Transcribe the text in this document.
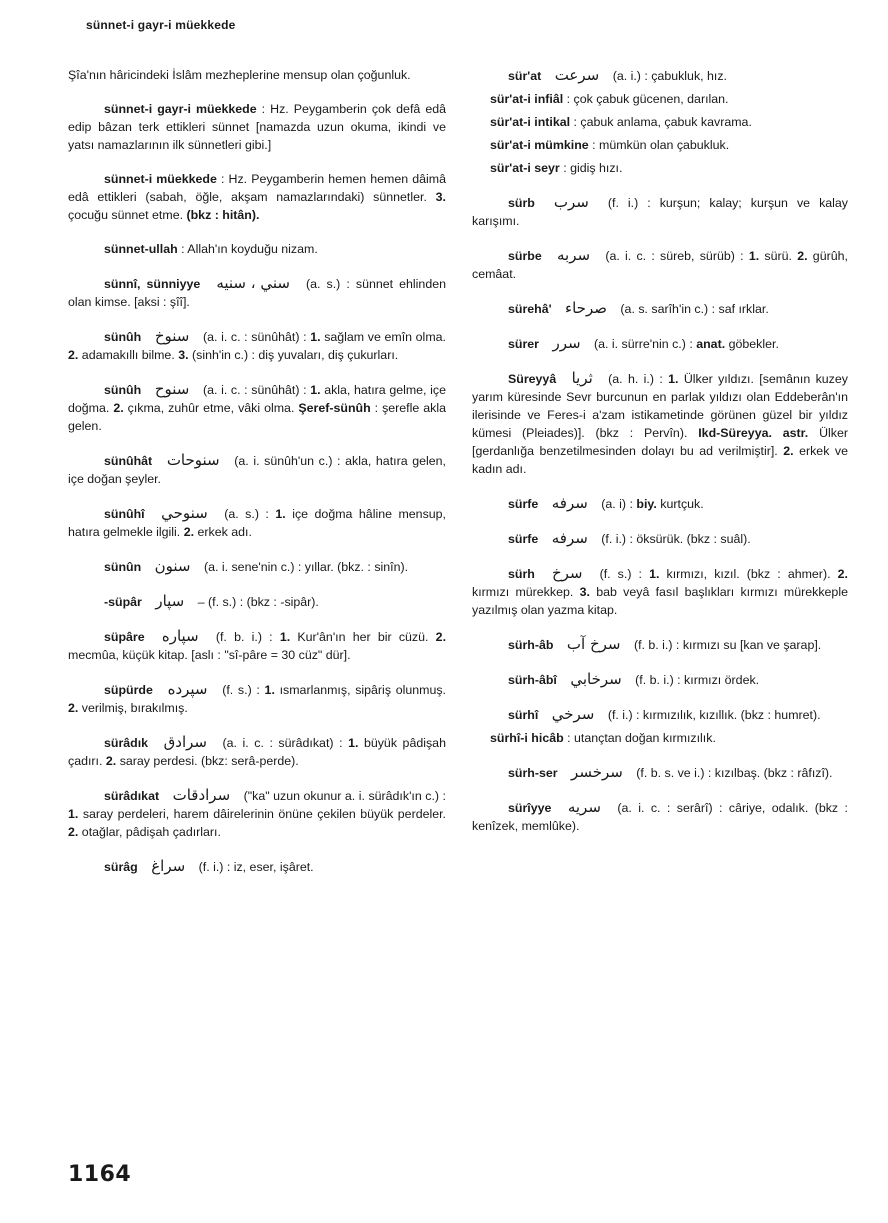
sünnet-i gayr-i müekkede
Şîa'nın hâricindeki İslâm mezheplerine mensup olan çoğunluk.
sünnet-i gayr-i müekkede : Hz. Peygamberin çok defâ edâ edip bâzan terk ettikleri sünnet [namazda uzun okuma, ikindi ve yatsı namazlarının ilk sünnetleri gibi.]
sünnet-i müekkede : Hz. Peygamberin hemen hemen dâimâ edâ ettikleri (sabah, öğle, akşam namazlarındaki) sünnetler. 3. çocuğu sünnet etme. (bkz : hitân).
sünnet-ullah : Allah'ın koyduğu nizam.
sünnî, sünniyye سني ، سنيه (a. s.) : sünnet ehlinden olan kimse. [aksi : şîî].
sünûh سنوخ (a. i. c. : sünûhât) : 1. sağlam ve emîn olma. 2. adamakıllı bilme. 3. (sinh'in c.) : diş yuvaları, diş çukurları.
sünûh سنوح (a. i. c. : sünûhât) : 1. akla, hatıra gelme, içe doğma. 2. çıkma, zuhûr etme, vâki olma. Şeref-sünûh : şerefle akla gelen.
sünûhât سنوحات (a. i. sünûh'un c.) : akla, hatıra gelen, içe doğan şeyler.
sünûhî سنوحي (a. s.) : 1. içe doğma hâline mensup, hatıra gelmekle ilgili. 2. erkek adı.
sünûn سنون (a. i. sene'nin c.) : yıllar. (bkz. : sinîn).
-süpâr سپار – (f. s.) : (bkz : -sipâr).
süpâre سپاره (f. b. i.) : 1. Kur'ân'ın her bir cüzü. 2. mecmûa, küçük kitap. [aslı : "sî-pâre = 30 cüz" dür].
süpürde سپرده (f. s.) : 1. ısmarlanmış, sipâriş olunmuş. 2. verilmiş, bırakılmış.
sürâdık سرادق (a. i. c. : sürâdıkat) : 1. büyük pâdişah çadırı. 2. saray perdesi. (bkz: serâ-perde).
sürâdıkat سرادقات ("ka" uzun okunur a. i. sürâdık'ın c.) : 1. saray perdeleri, harem dâirelerinin önüne çekilen büyük perdeler. 2. otağlar, pâdişah çadırları.
sürâg سراغ (f. i.) : iz, eser, işâret.
sür'at سرعت (a. i.) : çabukluk, hız.
sür'at-i infiâl : çok çabuk gücenen, darılan.
sür'at-i intikal : çabuk anlama, çabuk kavrama.
sür'at-i mümkine : mümkün olan çabukluk.
sür'at-i seyr : gidiş hızı.
sürb سرب (f. i.) : kurşun; kalay; kurşun ve kalay karışımı.
sürbe سربه (a. i. c. : süreb, sürüb) : 1. sürü. 2. gürûh, cemâat.
sürehâ' صرحاء (a. s. sarîh'in c.) : saf ırklar.
sürer سرر (a. i. sürre'nin c.) : anat. göbekler.
Süreyyâ ثريا (a. h. i.) : 1. Ülker yıldızı. [semânın kuzey yarım küresinde Sevr burcunun en parlak yıldızı olan Eddeberân'ın ilerisinde ve Feres-i a'zam istikametinde görünen güzel bir yıldız kümesi (Pleiades)]. (bkz : Pervîn). Ikd-Süreyya. astr. Ülker [gerdanlığa benzetilmesinden dolayı bu ad verilmiştir]. 2. erkek ve kadın adı.
sürfe سرفه (a. i) : biy. kurtçuk.
sürfe سرفه (f. i.) : öksürük. (bkz : suâl).
sürh سرخ (f. s.) : 1. kırmızı, kızıl. (bkz : ahmer). 2. kırmızı mürekkep. 3. bab veyâ fasıl başlıkları kırmızı mürekkeple yazılmış olan yazma kitap.
sürh-âb سرخ آب (f. b. i.) : kırmızı su [kan ve şarap].
sürh-âbî سرخابي (f. b. i.) : kırmızı ördek.
sürhî سرخي (f. i.) : kırmızılık, kızıllık. (bkz : humret).
sürhî-i hicâb : utançtan doğan kırmızılık.
sürh-ser سرخسر (f. b. s. ve i.) : kızılbaş. (bkz : râfızî).
sürîyye سريه (a. i. c. : serârî) : câriye, odalık. (bkz : kenîzek, memlûke).
1164
